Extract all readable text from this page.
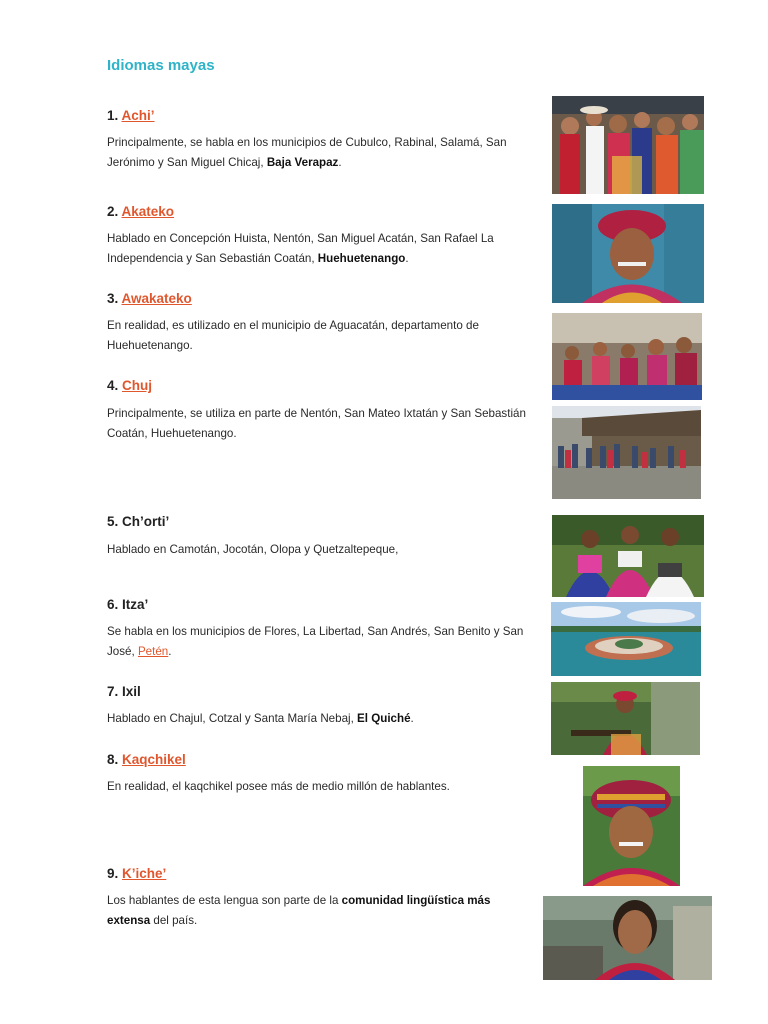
Idiomas mayas
1. Achi’
Principalmente, se habla en los municipios de Cubulco, Rabinal, Salamá, San Jerónimo y San Miguel Chicaj, Baja Verapaz.
2. Akateko
Hablado en Concepción Huista, Nentón, San Miguel Acatán, San Rafael La Independencia y San Sebastián Coatán, Huehuetenango.
3. Awakateko
En realidad, es utilizado en el municipio de Aguacatán, departamento de Huehuetenango.
4. Chuj
Principalmente, se utiliza en parte de Nentón, San Mateo Ixtatán y San Sebastián Coatán, Huehuetenango.
5. Ch’orti’
Hablado en Camotán, Jocotán, Olopa y Quetzaltepeque,
6. Itza’
Se habla en los municipios de Flores, La Libertad, San Andrés, San Benito y San José, Petén.
7. Ixil
Hablado en Chajul, Cotzal y Santa María Nebaj, El Quiché.
8. Kaqchikel
En realidad, el kaqchikel posee más de medio millón de hablantes.
9. K’iche’
Los hablantes de esta lengua son parte de la comunidad lingüística más extensa del país.
